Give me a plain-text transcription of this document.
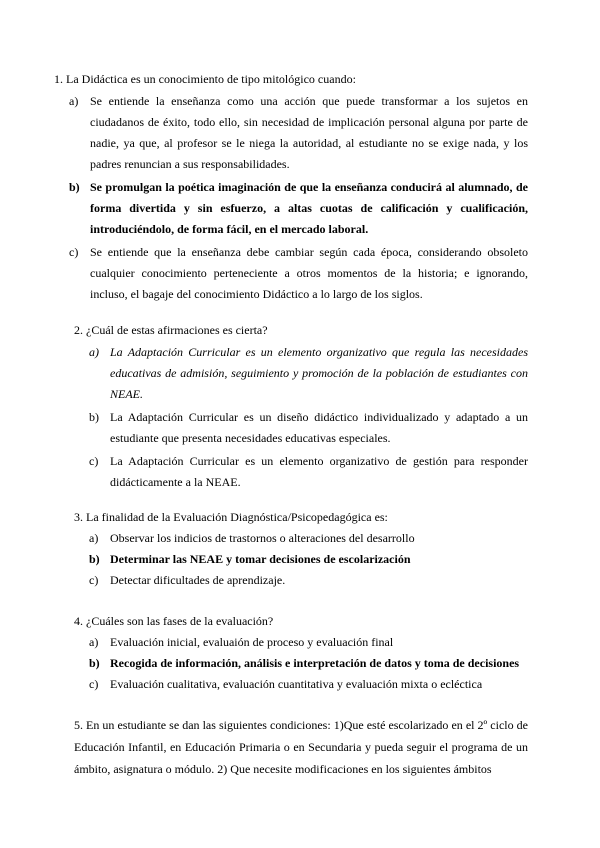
1. La Didáctica es un conocimiento de tipo mitológico cuando:
a) Se entiende la enseñanza como una acción que puede transformar a los sujetos en ciudadanos de éxito, todo ello, sin necesidad de implicación personal alguna por parte de nadie, ya que, al profesor se le niega la autoridad, al estudiante no se exige nada, y los padres renuncian a sus responsabilidades.
b) Se promulgan la poética imaginación de que la enseñanza conducirá al alumnado, de forma divertida y sin esfuerzo, a altas cuotas de calificación y cualificación, introduciéndolo, de forma fácil, en el mercado laboral.
c) Se entiende que la enseñanza debe cambiar según cada época, considerando obsoleto cualquier conocimiento perteneciente a otros momentos de la historia; e ignorando, incluso, el bagaje del conocimiento Didáctico a lo largo de los siglos.
2. ¿Cuál de estas afirmaciones es cierta?
a) La Adaptación Curricular es un elemento organizativo que regula las necesidades educativas de admisión, seguimiento y promoción de la población de estudiantes con NEAE.
b) La Adaptación Curricular es un diseño didáctico individualizado y adaptado a un estudiante que presenta necesidades educativas especiales.
c) La Adaptación Curricular es un elemento organizativo de gestión para responder didácticamente a la NEAE.
3. La finalidad de la Evaluación Diagnóstica/Psicopedagógica es:
a) Observar los indicios de trastornos o alteraciones del desarrollo
b) Determinar las NEAE y tomar decisiones de escolarización
c) Detectar dificultades de aprendizaje.
4. ¿Cuáles son las fases de la evaluación?
a) Evaluación inicial, evaluaión de proceso y evaluación final
b) Recogida de información, análisis e interpretación de datos y toma de decisiones
c) Evaluación cualitativa, evaluación cuantitativa y evaluación mixta o ecléctica
5. En un estudiante se dan las siguientes condiciones: 1)Que esté escolarizado en el 2º ciclo de Educación Infantil, en Educación Primaria o en Secundaria y pueda seguir el programa de un ámbito, asignatura o módulo. 2) Que necesite modificaciones en los siguientes ámbitos
